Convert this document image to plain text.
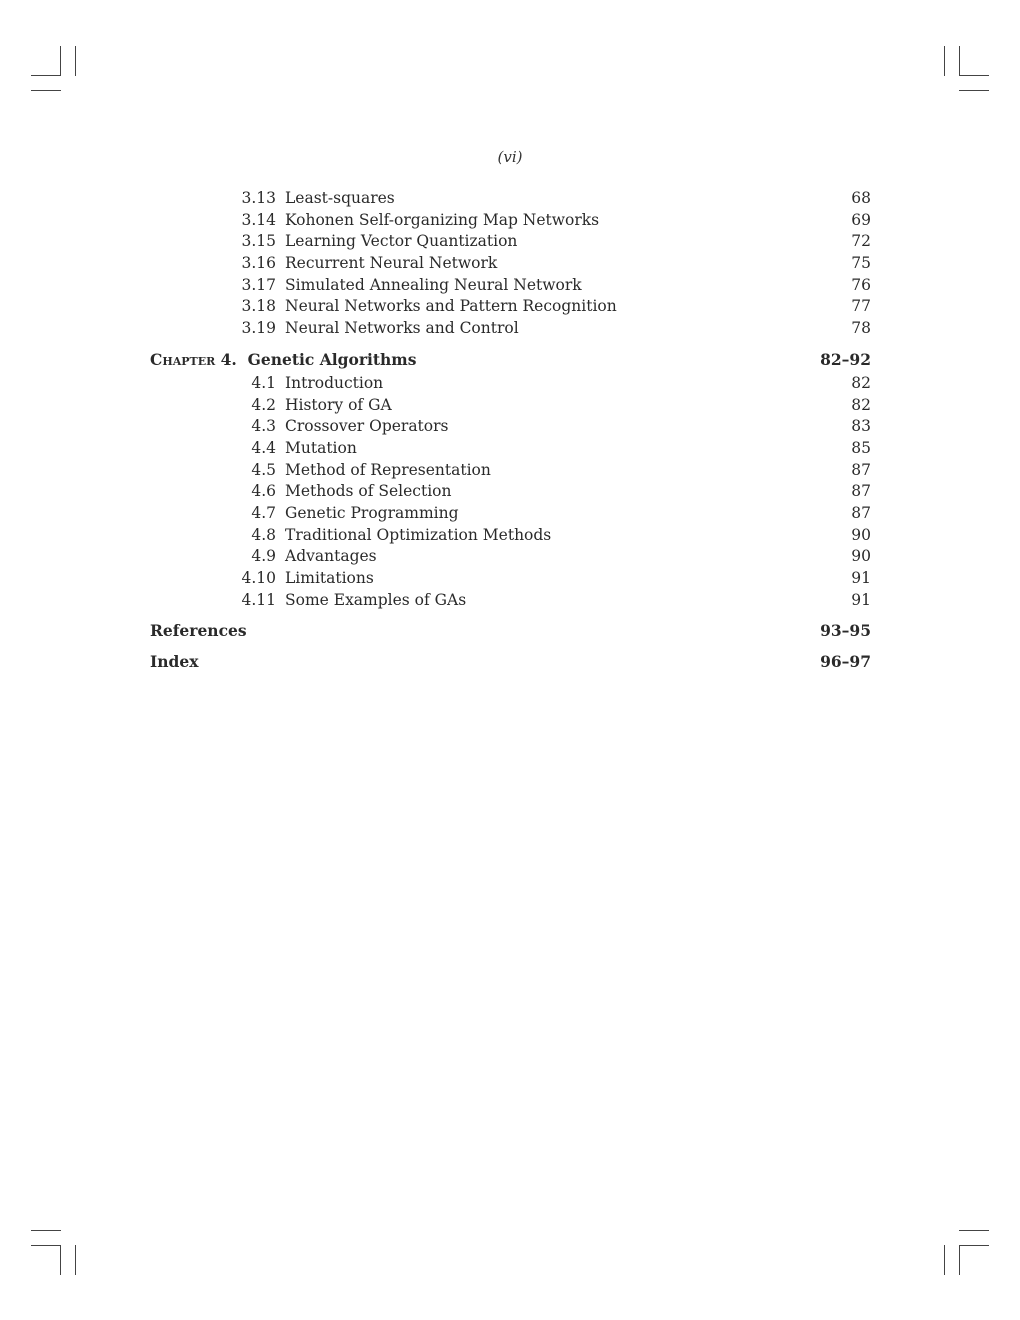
(vi)
3.13 Least-squares	68
3.14 Kohonen Self-organizing Map Networks	69
3.15 Learning Vector Quantization	72
3.16 Recurrent Neural Network	75
3.17 Simulated Annealing Neural Network	76
3.18 Neural Networks and Pattern Recognition	77
3.19 Neural Networks and Control	78
Chapter 4. Genetic Algorithms	82–92
4.1 Introduction	82
4.2 History of GA	82
4.3 Crossover Operators	83
4.4 Mutation	85
4.5 Method of Representation	87
4.6 Methods of Selection	87
4.7 Genetic Programming	87
4.8 Traditional Optimization Methods	90
4.9 Advantages	90
4.10 Limitations	91
4.11 Some Examples of GAs	91
References	93–95
Index	96–97
